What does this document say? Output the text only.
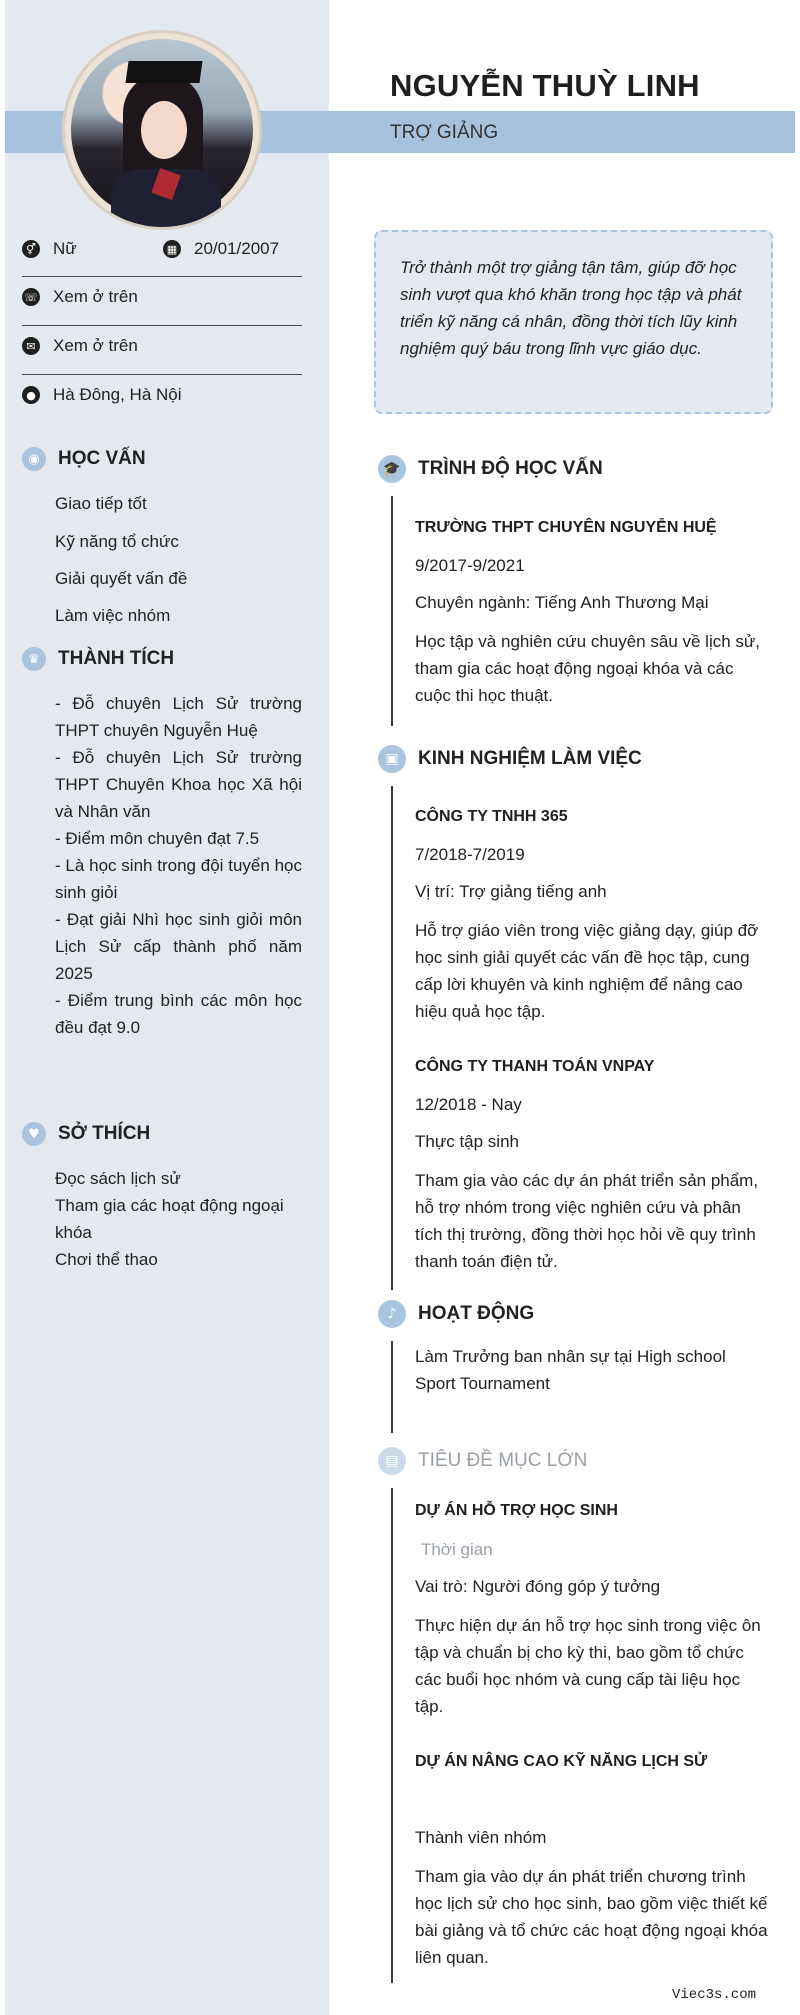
NGUYỄN THUỲ LINH
TRỢ GIẢNG
⚥ Nữ	▦ 20/01/2007
☏ Xem ở trên
✉ Xem ở trên
● Hà Đông, Hà Nội
◉ HỌC VẤN
Giao tiếp tốt
Kỹ năng tổ chức
Giải quyết vấn đề
Làm việc nhóm
♛ THÀNH TÍCH
- Đỗ chuyên Lịch Sử trường THPT chuyên Nguyễn Huệ
- Đỗ chuyên Lịch Sử trường THPT Chuyên Khoa học Xã hội và Nhân văn
- Điểm môn chuyên đạt 7.5
- Là học sinh trong đội tuyển học sinh giỏi
- Đạt giải Nhì học sinh giỏi môn Lịch Sử cấp thành phố năm 2025
- Điểm trung bình các môn học đều đạt 9.0
♥ SỞ THÍCH
Đọc sách lịch sử
Tham gia các hoạt động ngoại khóa
Chơi thể thao

Trở thành một trợ giảng tận tâm, giúp đỡ học sinh vượt qua khó khăn trong học tập và phát triển kỹ năng cá nhân, đồng thời tích lũy kinh nghiệm quý báu trong lĩnh vực giáo dục.

🎓 TRÌNH ĐỘ HỌC VẤN
TRƯỜNG THPT CHUYÊN NGUYỄN HUỆ
9/2017-9/2021
Chuyên ngành: Tiếng Anh Thương Mại
Học tập và nghiên cứu chuyên sâu về lịch sử, tham gia các hoạt động ngoại khóa và các cuộc thi học thuật.
▣	KINH NGHIỆM LÀM VIỆC
CÔNG TY TNHH 365
7/2018-7/2019
Vị trí: Trợ giảng tiếng anh
Hỗ trợ giáo viên trong việc giảng dạy, giúp đỡ học sinh giải quyết các vấn đề học tập, cung cấp lời khuyên và kinh nghiệm để nâng cao hiệu quả học tập.
CÔNG TY THANH TOÁN VNPAY
12/2018 - Nay
Thực tập sinh
Tham gia vào các dự án phát triển sản phẩm, hỗ trợ nhóm trong việc nghiên cứu và phân tích thị trường, đồng thời học hỏi về quy trình thanh toán điện tử.
♪	HOẠT ĐỘNG
Làm Trưởng ban nhân sự tại High school Sport Tournament
▤	TIÊU ĐỀ MỤC LỚN
DỰ ÁN HỖ TRỢ HỌC SINH
Thời gian
Vai trò: Người đóng góp ý tưởng
Thực hiện dự án hỗ trợ học sinh trong việc ôn tập và chuẩn bị cho kỳ thi, bao gồm tổ chức các buổi học nhóm và cung cấp tài liệu học tập.
DỰ ÁN NÂNG CAO KỸ NĂNG LỊCH SỬ
Thành viên nhóm
Tham gia vào dự án phát triển chương trình học lịch sử cho học sinh, bao gồm việc thiết kế bài giảng và tổ chức các hoạt động ngoại khóa liên quan.
Viec3s.com
